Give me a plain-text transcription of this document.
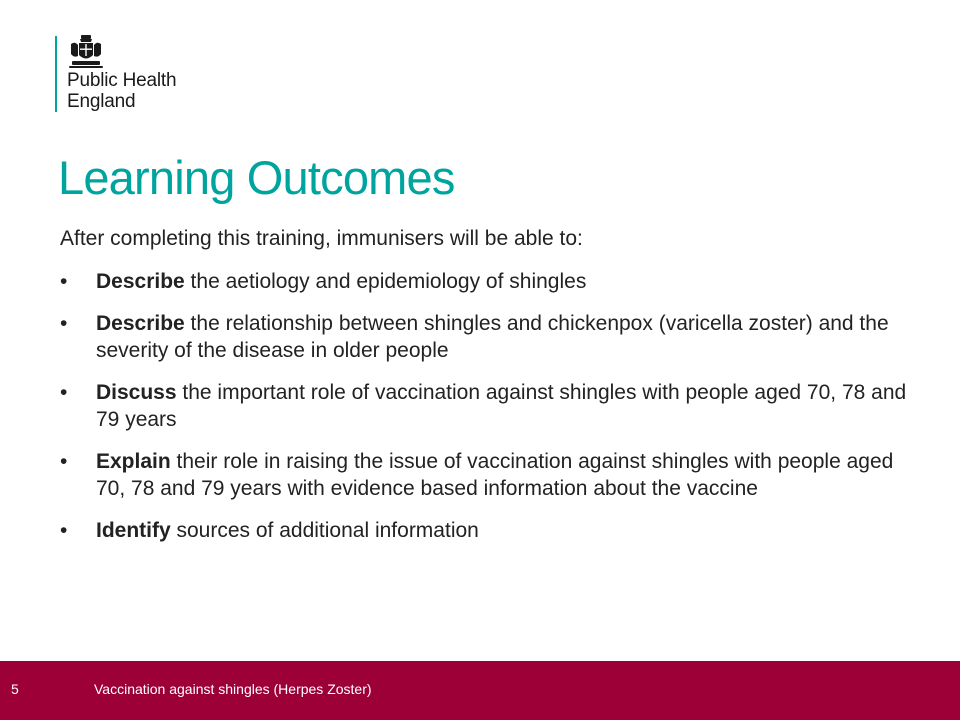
Public Health
England
Learning Outcomes

After completing this training, immunisers will be able to:

• Describe the aetiology and epidemiology of shingles
• Describe the relationship between shingles and chickenpox (varicella zoster) and the severity of the disease in older people
• Discuss the important role of vaccination against shingles with people aged 70, 78 and 79 years
• Explain their role in raising the issue of vaccination against shingles with people aged 70, 78 and 79 years with evidence based information about the vaccine
• Identify sources of additional information
5	Vaccination against shingles (Herpes Zoster)
